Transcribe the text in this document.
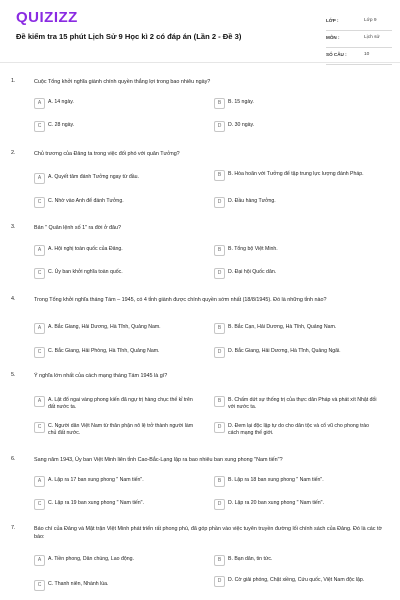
QUIZIZZ
Đề kiểm tra 15 phút Lịch Sử 9 Học kì 2 có đáp án (Lần 2 - Đề 3)
LỚP :	Lớp 9
MÔN :	Lịch sử
SỐ CÂU :	10
1.	Cuộc Tổng khởi nghĩa giành chính quyền thắng lợi trong bao nhiêu ngày?
A	A. 14 ngày.	B	B. 15 ngày.
C	C. 28 ngày.	D	D. 30 ngày.
2.	Chủ trương của Đảng ta trong việc đối phó với quân Tưởng?
A	A. Quyết tâm đánh Tưởng ngay từ đầu.	B	B. Hòa hoãn với Tưởng để tập trung lực lượng đánh Pháp.
C	C. Nhờ vào Anh để đánh Tưởng.	D	D. Đầu hàng Tưởng.
3.	Bản " Quân lệnh số 1" ra đời ở đâu?
A	A. Hội nghị toàn quốc của Đảng.	B	B. Tổng bộ Việt Minh.
C	C. Ủy ban khởi nghĩa toàn quốc.	D	D. Đại hội Quốc dân.
4.	Trong Tổng khởi nghĩa tháng Tám – 1945, có 4 tỉnh giành được chính quyền sớm nhất (18/8/1945). Đó là những tỉnh nào?
A	A. Bắc Giang, Hải Dương, Hà Tĩnh, Quảng Nam.	B	B. Bắc Cạn, Hải Dương, Hà Tĩnh, Quảng Nam.
C	C. Bắc Giang, Hải Phòng, Hà Tĩnh, Quảng Nam.	D	D. Bắc Giang, Hải Dương, Hà Tĩnh, Quảng Ngãi.
5.	Ý nghĩa lớn nhất của cách mạng tháng Tám 1945 là gì?
A	A. Lật đổ ngai vàng phong kiến đã ngự trị hàng chục thế kỉ trên đất nước ta.
B	B. Chấm dứt sự thống trị của thực dân Pháp và phát xít Nhật đối với nước ta.
C	C. Người dân Việt Nam từ thân phận nô lệ trở thành người làm chủ đất nước.
D	D. Đem lại độc lập tự do cho dân tộc và cổ vũ cho phong trào cách mạng thế giới.
6.	Sang năm 1943, Ủy ban Việt Minh liên tỉnh Cao-Bắc-Lạng lập ra bao nhiêu ban xung phong "Nam tiến"?
A	A. Lập ra 17 ban xung phong " Nam tiến".	B	B. Lập ra 18 ban xung phong " Nam tiến".
C	C. Lập ra 19 ban xung phong " Nam tiến".	D	D. Lập ra 20 ban xung phong " Nam tiến".
7.	Báo chí của Đảng và Mặt trận Việt Minh phát triển rất phong phú, đã góp phần vào việc tuyên truyền đường lối chính sách của Đảng. Đó là các tờ báo:
A	A. Tiền phong, Dân chúng, Lao động.	B	B. Bạn dân, tin tức.
C	C. Thanh niên, Nhành lúa.	D	D. Cờ giải phóng, Chặt xiềng, Cứu quốc, Việt Nam độc lập.
